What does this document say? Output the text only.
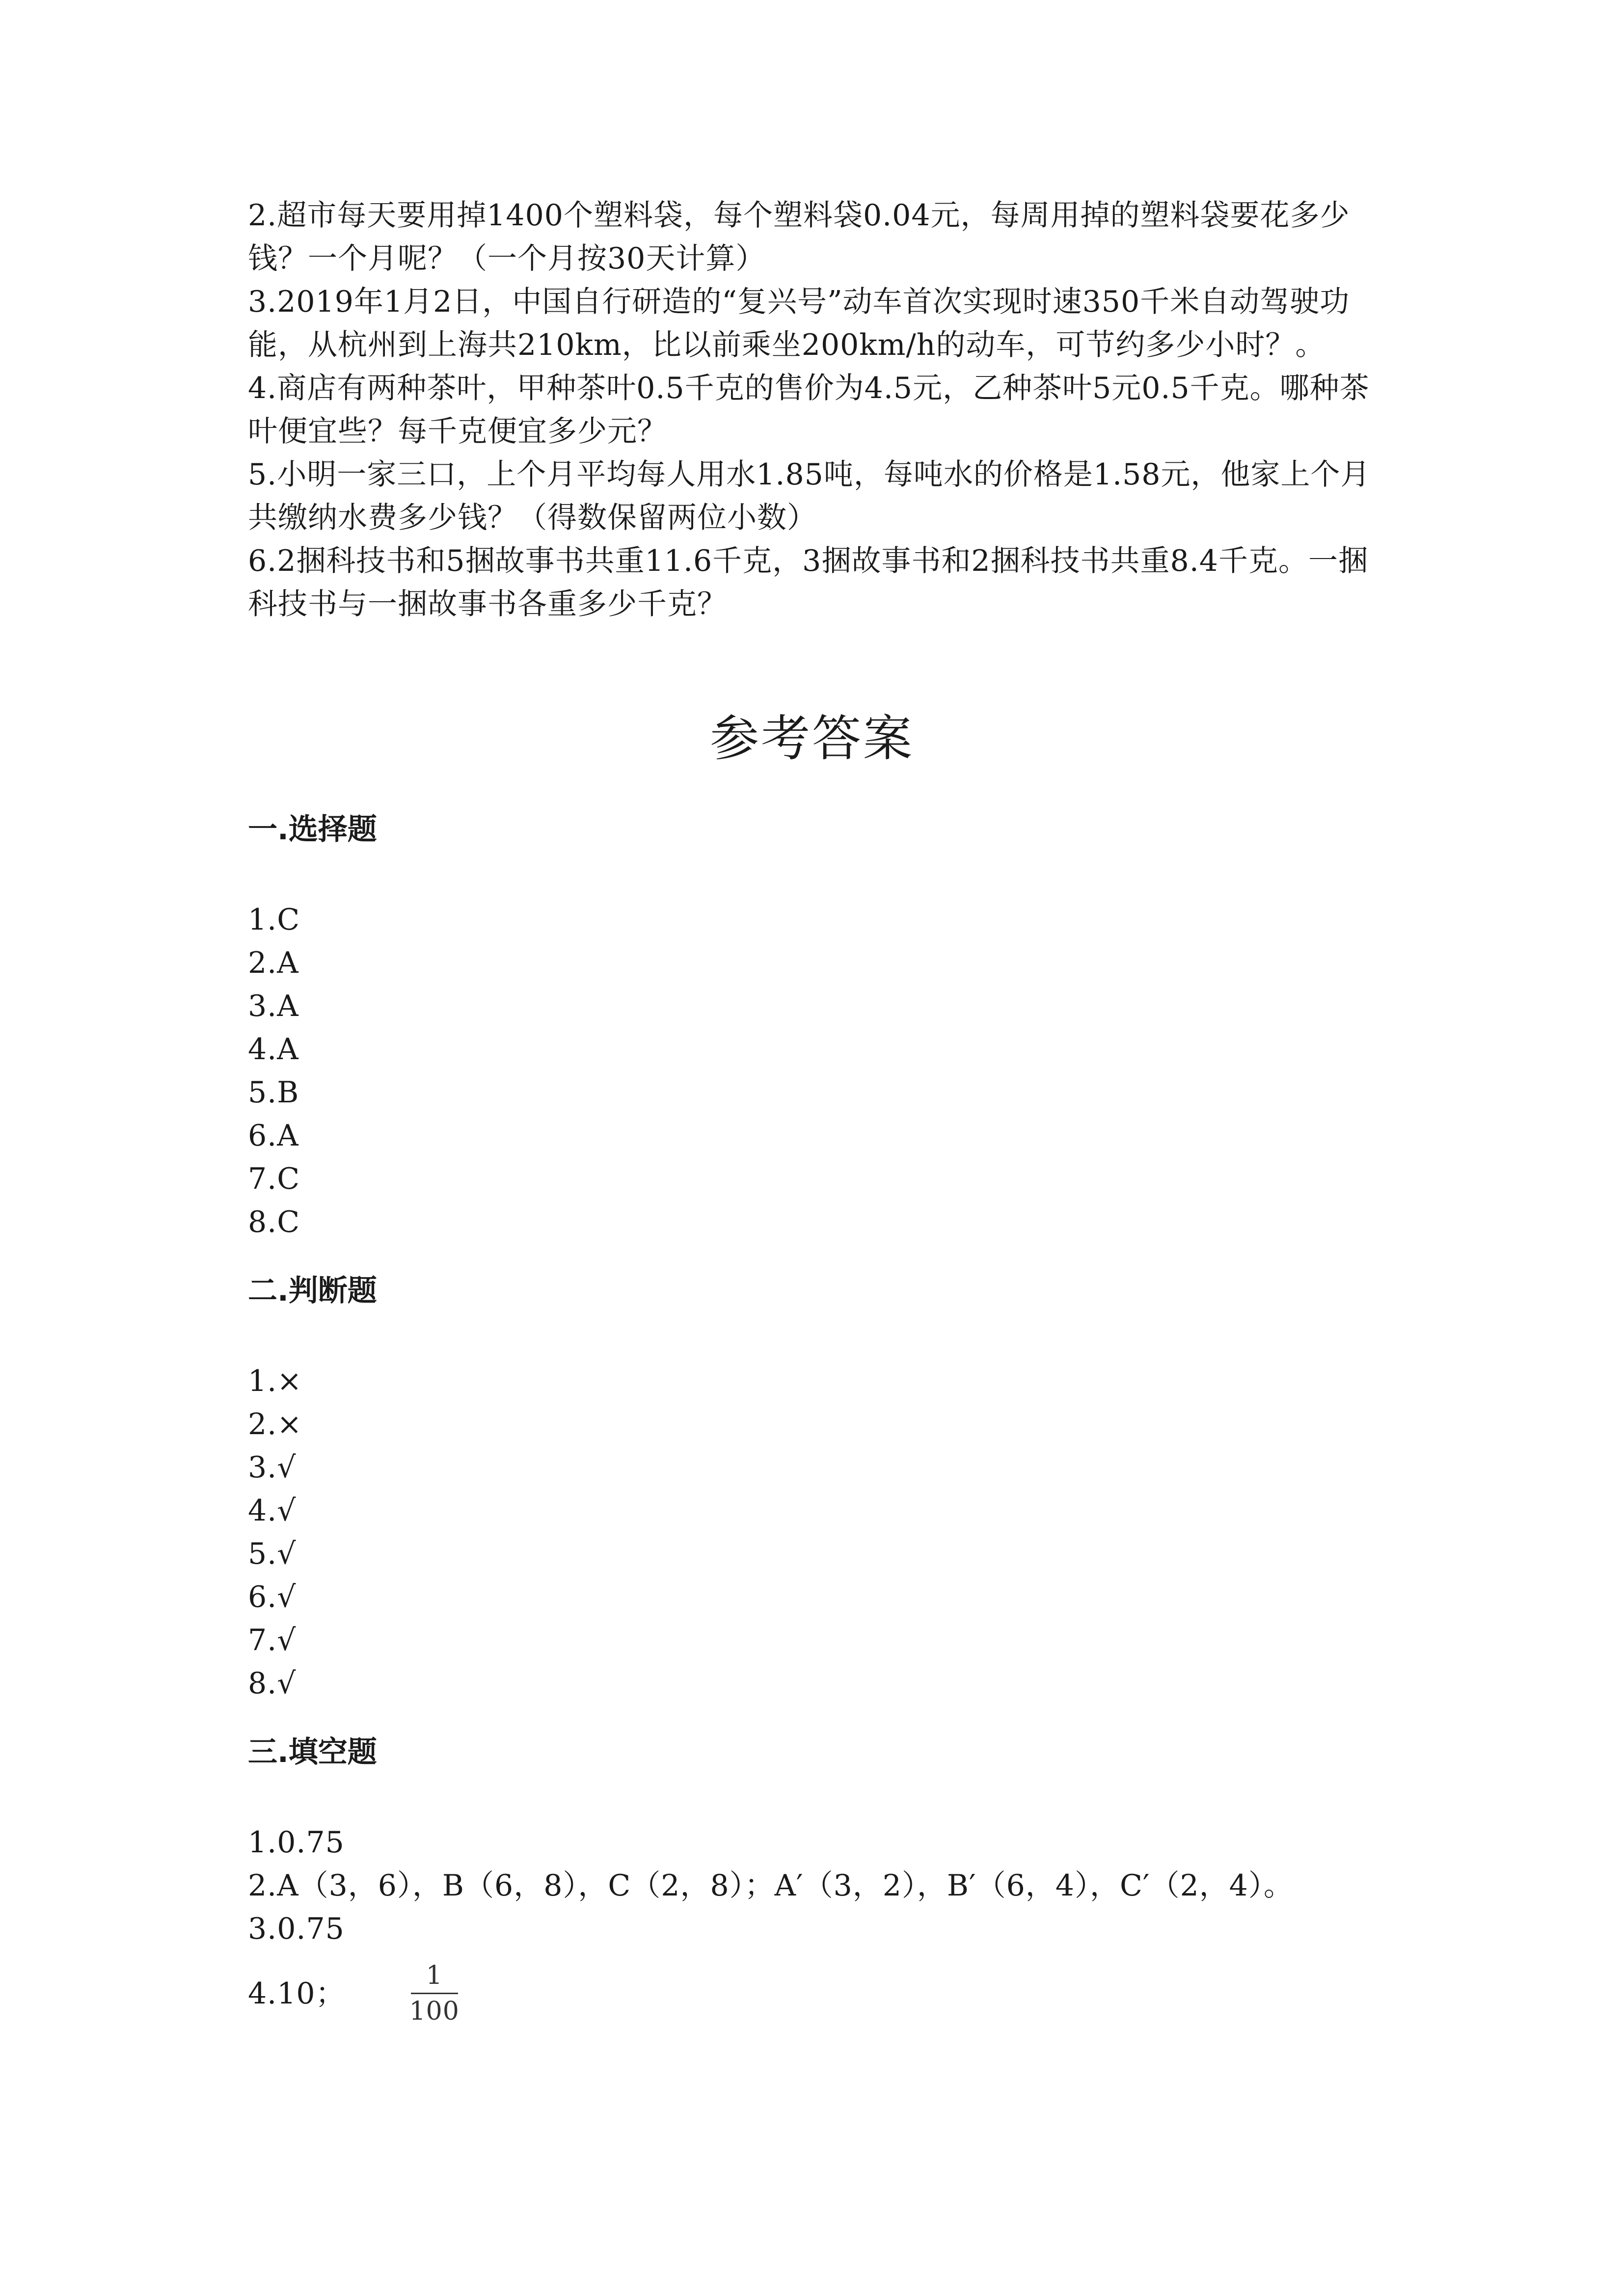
2.超市每天要用掉1400个塑料袋，每个塑料袋0.04元，每周用掉的塑料袋要花多少钱？一个月呢？（一个月按30天计算）

3.2019年1月2日，中国自行研造的“复兴号”动车首次实现时速350千米自动驾驶功能，从杭州到上海共210km，比以前乘坐200km/h的动车，可节约多少小时？。

4.商店有两种茶叶，甲种茶叶0.5千克的售价为4.5元，乙种茶叶5元0.5千克。哪种茶叶便宜些？每千克便宜多少元？

5.小明一家三口，上个月平均每人用水1.85吨，每吨水的价格是1.58元，他家上个月共缴纳水费多少钱？（得数保留两位小数）

6.2捆科技书和5捆故事书共重11.6千克，3捆故事书和2捆科技书共重8.4千克。一捆科技书与一捆故事书各重多少千克？

参考答案
一.选择题
1.C
2.A
3.A
4.A
5.B
6.A
7.C
8.C
二.判断题
1.×
2.×
3.√
4.√
5.√
6.√
7.√
8.√
三.填空题
1.0.75
2.A（3，6），B（6，8），C（2，8）；A′（3，2），B′（6，4），C′（2，4）。
3.0.75
4.10；	$\frac{1}{100}$
